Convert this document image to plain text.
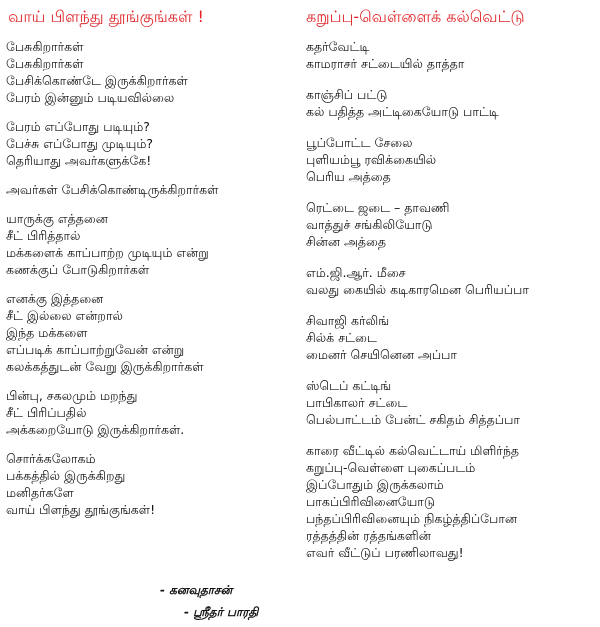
வாய் பிளந்து தூங்குங்கள் !
பேசுகிறார்கள்
பேசுகிறார்கள்
பேசிக்கொண்டே இருக்கிறார்கள்
பேரம் இன்னும் படியவில்லை
பேரம் எப்போது படியும்?
பேச்சு எப்போது முடியும்?
தெரியாது அவர்களுக்கே!
அவர்கள் பேசிக்கொண்டிருக்கிறார்கள்
யாருக்கு எத்தனை
சீட் பிரித்தால்
மக்களைக் காப்பாற்ற முடியும் என்று
கணக்குப் போடுகிறார்கள்
எனக்கு இத்தனை
சீட் இல்லை என்றால்
இந்த மக்களை
எப்படிக் காப்பாற்றுவேன் என்று
கலக்கத்துடன் வேறு இருக்கிறார்கள்
பின்பு, சகலமும் மறந்து
சீட் பிரிப்பதில்
அக்கறையோடு இருக்கிறார்கள்.
சொர்க்கலோகம்
பக்கத்தில் இருக்கிறது
மனிதர்களே
வாய் பிளந்து தூங்குங்கள்!
கறுப்பு-வெள்ளைக் கல்வெட்டு
கதர்வேட்டி
காமராசர் சட்டையில் தாத்தா
காஞ்சிப் பட்டு
கல் பதித்த அட்டிகையோடு பாட்டி
பூப்போட்ட சேலை
புளியம்பூ ரவிக்கையில்
பெரிய அத்தை
ரெட்டை ஜடை – தாவணி
வாத்துச் சங்கிலியோடு
சின்ன அத்தை
எம்.ஜி.ஆர். மீசை
வலது கையில் கடிகாரமென பெரியப்பா
சிவாஜி கர்லிங்
சில்க் சட்டை
மைனர் செயினென அப்பா
ஸ்டெப் கட்டிங்
பாபிகாலர் சட்டை
பெல்பாட்டம் பேன்ட் சகிதம் சித்தப்பா
காரை வீட்டில் கல்வெட்டாய் மிளிர்ந்த
கறுப்பு-வெள்ளை புகைப்படம்
இப்போதும் இருக்கலாம்
பாகப்பிரிவினையோடு
பந்தப்பிரிவினையும் நிகழ்த்திப்போன
ரத்தத்தின் ரத்தங்களின்
எவர் வீட்டுப் பரணிலாவது!
- கனவுதாசன்
- ஸ்ரீதர் பாரதி
